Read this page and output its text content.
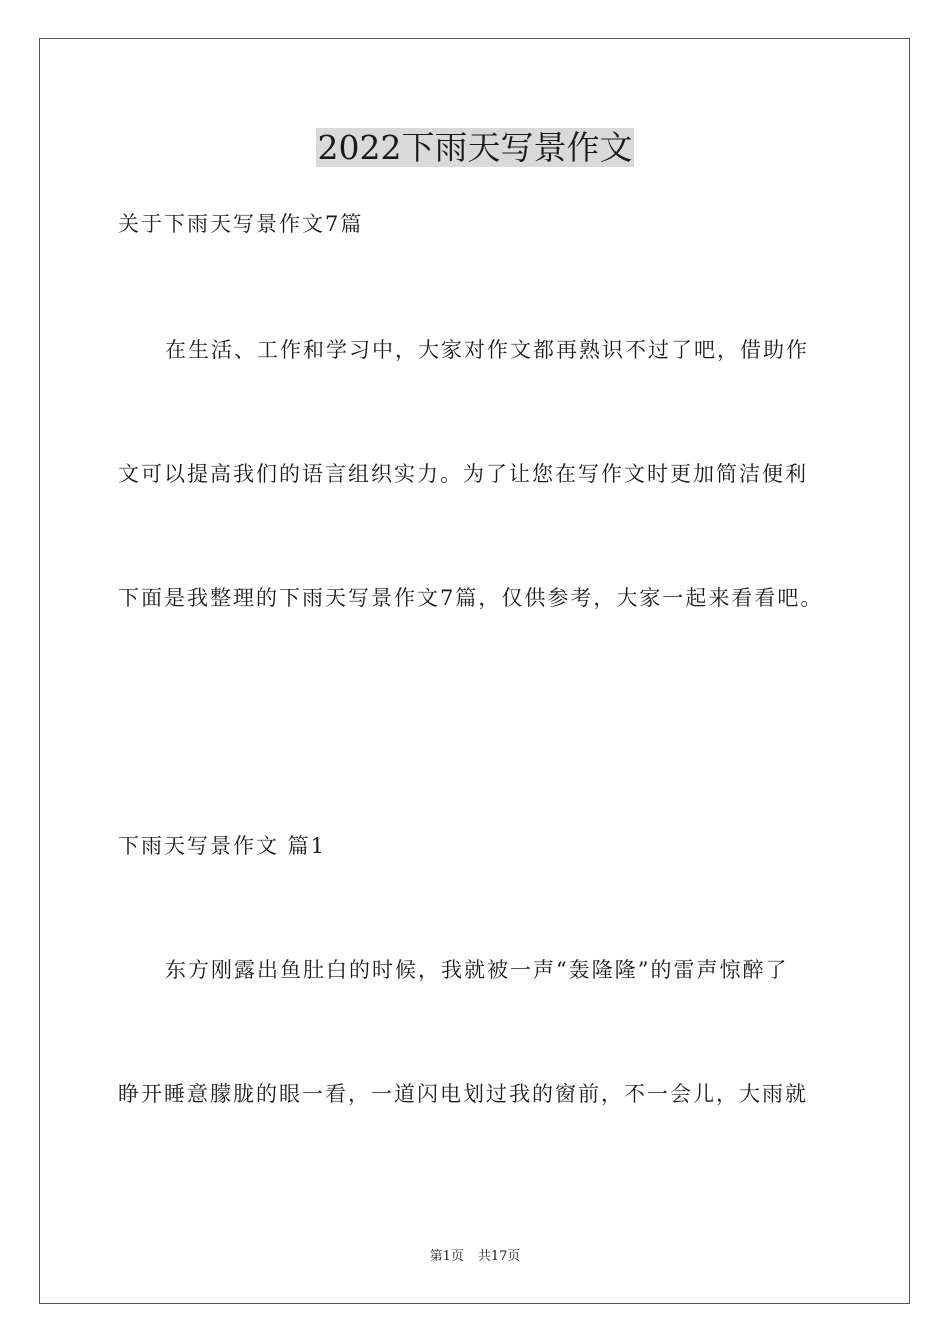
2022下雨天写景作文
关于下雨天写景作文7篇
在生活、工作和学习中，大家对作文都再熟识不过了吧，借助作
文可以提高我们的语言组织实力。为了让您在写作文时更加简洁便利
下面是我整理的下雨天写景作文7篇，仅供参考，大家一起来看看吧。
下雨天写景作文 篇1
东方刚露出鱼肚白的时候，我就被一声“轰隆隆”的雷声惊醉了
睁开睡意朦胧的眼一看，一道闪电划过我的窗前，不一会儿，大雨就
第1页 共17页
